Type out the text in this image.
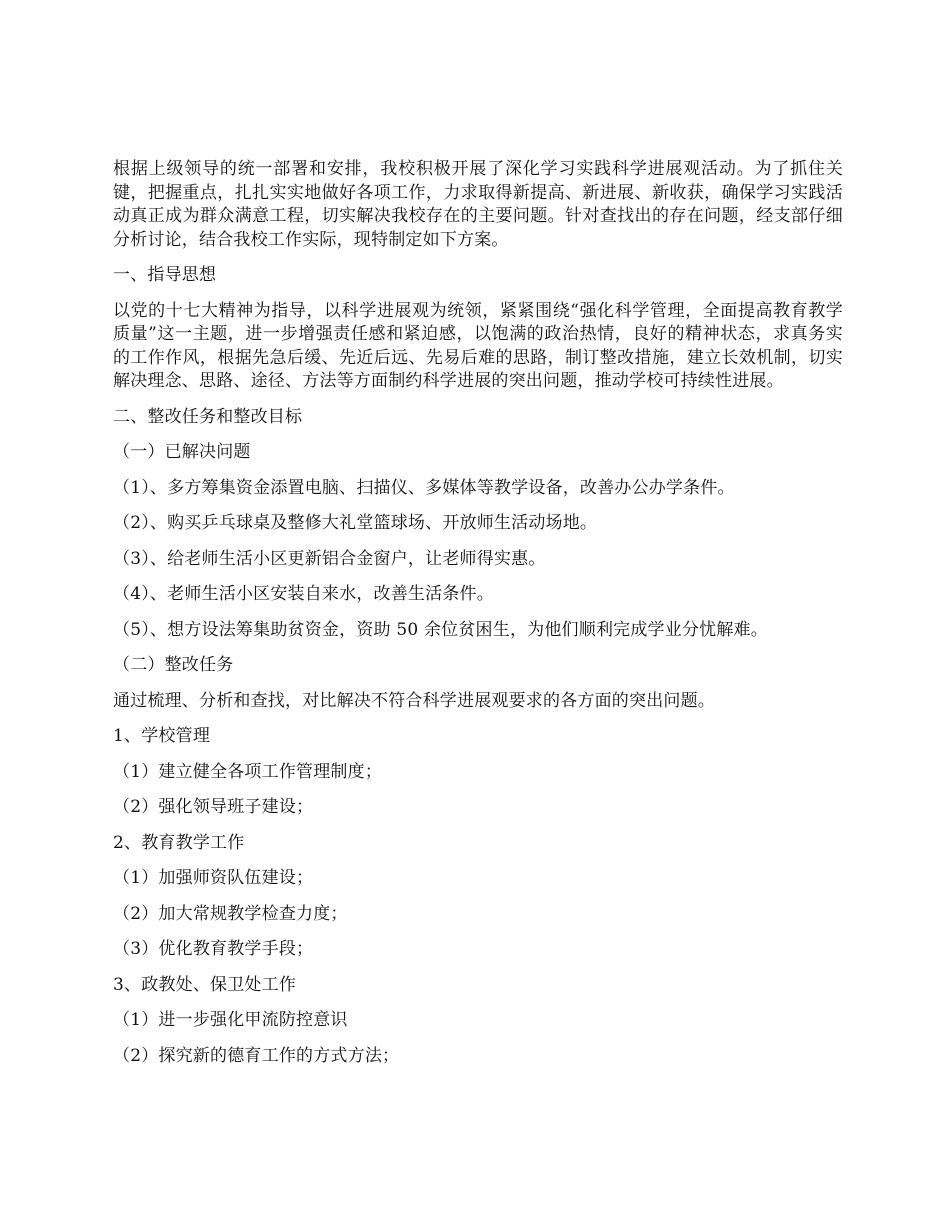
根据上级领导的统一部署和安排，我校积极开展了深化学习实践科学进展观活动。为了抓住关键，把握重点，扎扎实实地做好各项工作，力求取得新提高、新进展、新收获，确保学习实践活动真正成为群众满意工程，切实解决我校存在的主要问题。针对查找出的存在问题，经支部仔细分析讨论，结合我校工作实际，现特制定如下方案。

一、指导思想

以党的十七大精神为指导，以科学进展观为统领，紧紧围绕“强化科学管理，全面提高教育教学质量”这一主题，进一步增强责任感和紧迫感，以饱满的政治热情，良好的精神状态，求真务实的工作作风，根据先急后缓、先近后远、先易后难的思路，制订整改措施，建立长效机制，切实解决理念、思路、途径、方法等方面制约科学进展的突出问题，推动学校可持续性进展。

二、整改任务和整改目标

（一）已解决问题

（1）、多方筹集资金添置电脑、扫描仪、多媒体等教学设备，改善办公办学条件。

（2）、购买乒乓球桌及整修大礼堂篮球场、开放师生活动场地。

（3）、给老师生活小区更新铝合金窗户，让老师得实惠。

（4）、老师生活小区安装自来水，改善生活条件。

（5）、想方设法筹集助贫资金，资助 50 余位贫困生，为他们顺利完成学业分忧解难。

（二）整改任务

通过梳理、分析和查找，对比解决不符合科学进展观要求的各方面的突出问题。

1、学校管理

（1）建立健全各项工作管理制度；

（2）强化领导班子建设；

2、教育教学工作

（1）加强师资队伍建设；

（2）加大常规教学检查力度；

（3）优化教育教学手段；

3、政教处、保卫处工作

（1）进一步强化甲流防控意识

（2）探究新的德育工作的方式方法；
